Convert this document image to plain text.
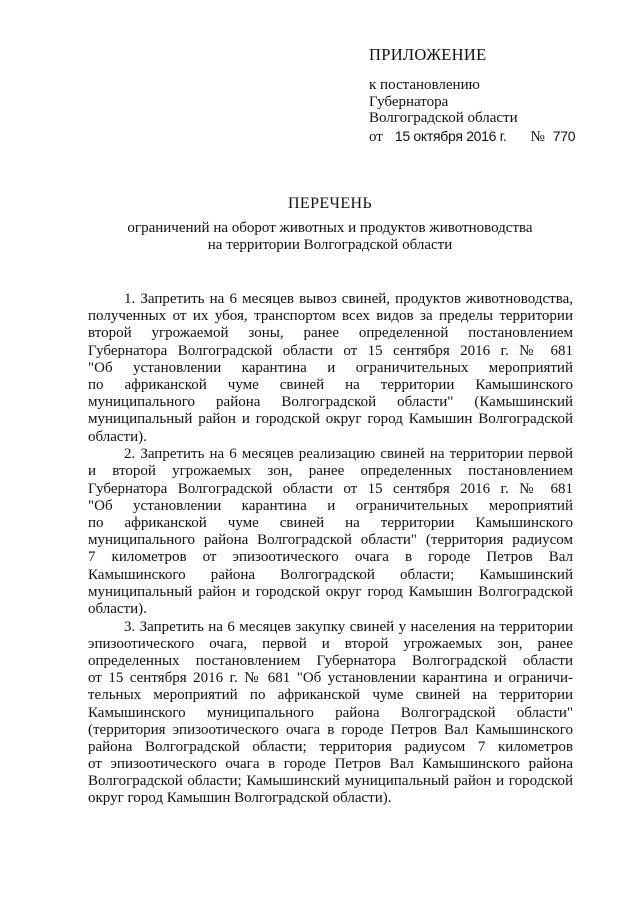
ПРИЛОЖЕНИЕ
к постановлению
Губернатора
Волгоградской области
от 15 октября 2016 г. № 770
ПЕРЕЧЕНЬ
ограничений на оборот животных и продуктов животноводства
на территории Волгоградской области
1. Запретить на 6 месяцев вывоз свиней, продуктов животноводства,
полученных от их убоя, транспортом всех видов за пределы территории
второй угрожаемой зоны, ранее определенной постановлением
Губернатора Волгоградской области от 15 сентября 2016 г. № 681
"Об установлении карантина и ограничительных мероприятий
по африканской чуме свиней на территории Камышинского
муниципального района Волгоградской области" (Камышинский
муниципальный район и городской округ город Камышин Волгоградской
области).
2. Запретить на 6 месяцев реализацию свиней на территории первой
и второй угрожаемых зон, ранее определенных постановлением
Губернатора Волгоградской области от 15 сентября 2016 г. № 681
"Об установлении карантина и ограничительных мероприятий
по африканской чуме свиней на территории Камышинского
муниципального района Волгоградской области" (территория радиусом
7 километров от эпизоотического очага в городе Петров Вал
Камышинского района Волгоградской области; Камышинский
муниципальный район и городской округ город Камышин Волгоградской
области).
3. Запретить на 6 месяцев закупку свиней у населения на территории
эпизоотического очага, первой и второй угрожаемых зон, ранее
определенных постановлением Губернатора Волгоградской области
от 15 сентября 2016 г. № 681 "Об установлении карантина и ограничи-
тельных мероприятий по африканской чуме свиней на территории
Камышинского муниципального района Волгоградской области"
(территория эпизоотического очага в городе Петров Вал Камышинского
района Волгоградской области; территория радиусом 7 километров
от эпизоотического очага в городе Петров Вал Камышинского района
Волгоградской области; Камышинский муниципальный район и городской
округ город Камышин Волгоградской области).
